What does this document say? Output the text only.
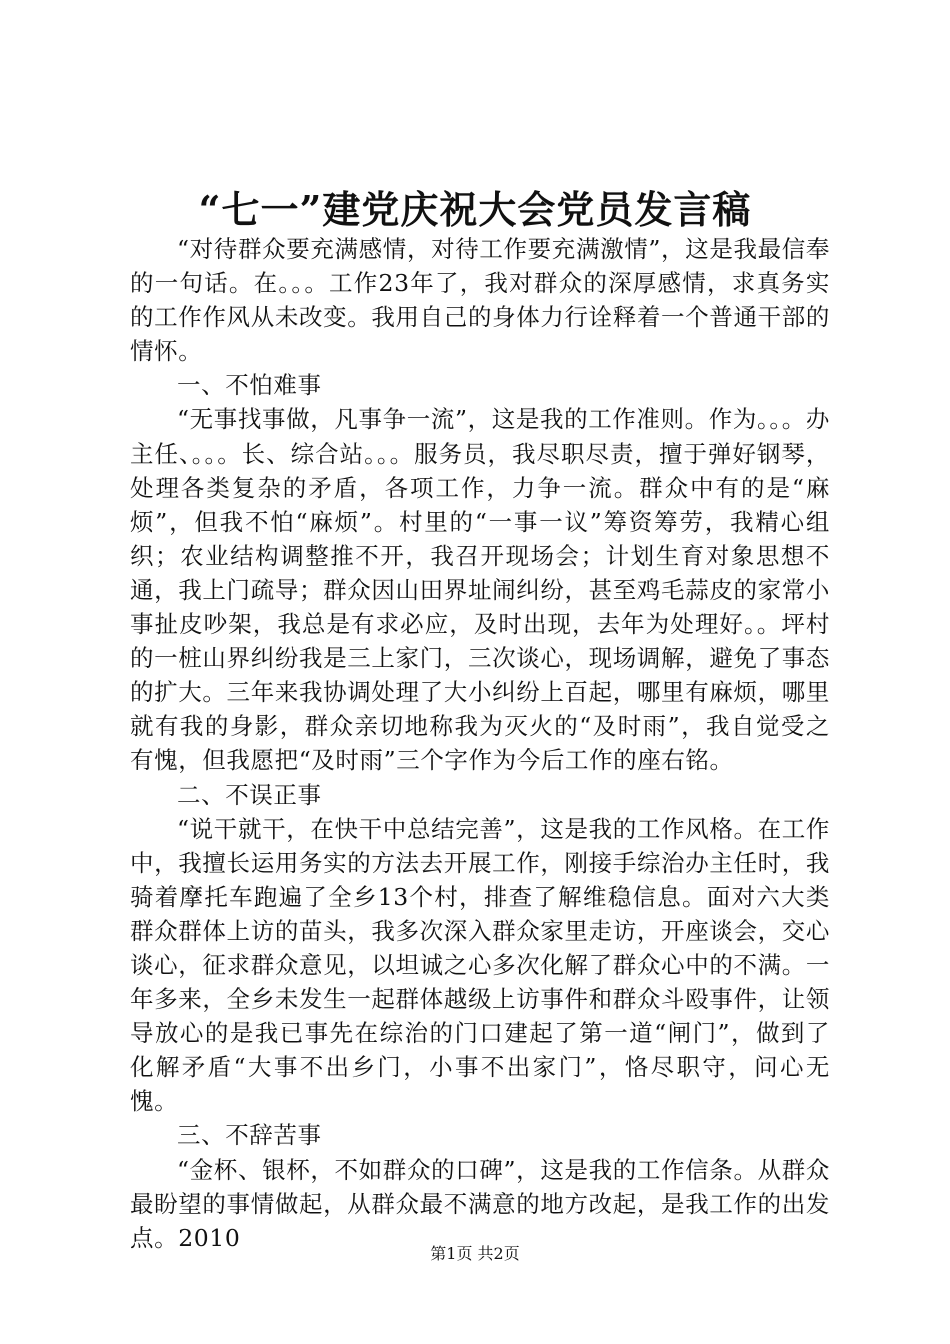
“七一”建党庆祝大会党员发言稿

“对待群众要充满感情，对待工作要充满激情”，这是我最信奉的一句话。在。。。工作23年了，我对群众的深厚感情，求真务实的工作作风从未改变。我用自己的身体力行诠释着一个普通干部的情怀。

一、不怕难事

“无事找事做，凡事争一流”，这是我的工作准则。作为。。。办主任、。。。长、综合站。。。服务员，我尽职尽责，擅于弹好钢琴，处理各类复杂的矛盾，各项工作，力争一流。群众中有的是“麻烦”，但我不怕“麻烦”。村里的“一事一议”筹资筹劳，我精心组织；农业结构调整推不开，我召开现场会；计划生育对象思想不通，我上门疏导；群众因山田界址闹纠纷，甚至鸡毛蒜皮的家常小事扯皮吵架，我总是有求必应，及时出现，去年为处理好。。坪村的一桩山界纠纷我是三上家门，三次谈心，现场调解，避免了事态的扩大。三年来我协调处理了大小纠纷上百起，哪里有麻烦，哪里就有我的身影，群众亲切地称我为灭火的“及时雨”，我自觉受之有愧，但我愿把“及时雨”三个字作为今后工作的座右铭。

二、不误正事

“说干就干，在快干中总结完善”，这是我的工作风格。在工作中，我擅长运用务实的方法去开展工作，刚接手综治办主任时，我骑着摩托车跑遍了全乡13个村，排查了解维稳信息。面对六大类群众群体上访的苗头，我多次深入群众家里走访，开座谈会，交心谈心，征求群众意见，以坦诚之心多次化解了群众心中的不满。一年多来，全乡未发生一起群体越级上访事件和群众斗殴事件，让领导放心的是我已事先在综治的门口建起了第一道“闸门”，做到了化解矛盾“大事不出乡门，小事不出家门”，恪尽职守，问心无愧。

三、不辞苦事

“金杯、银杯，不如群众的口碑”，这是我的工作信条。从群众最盼望的事情做起，从群众最不满意的地方改起，是我工作的出发点。2010

第1页 共2页
